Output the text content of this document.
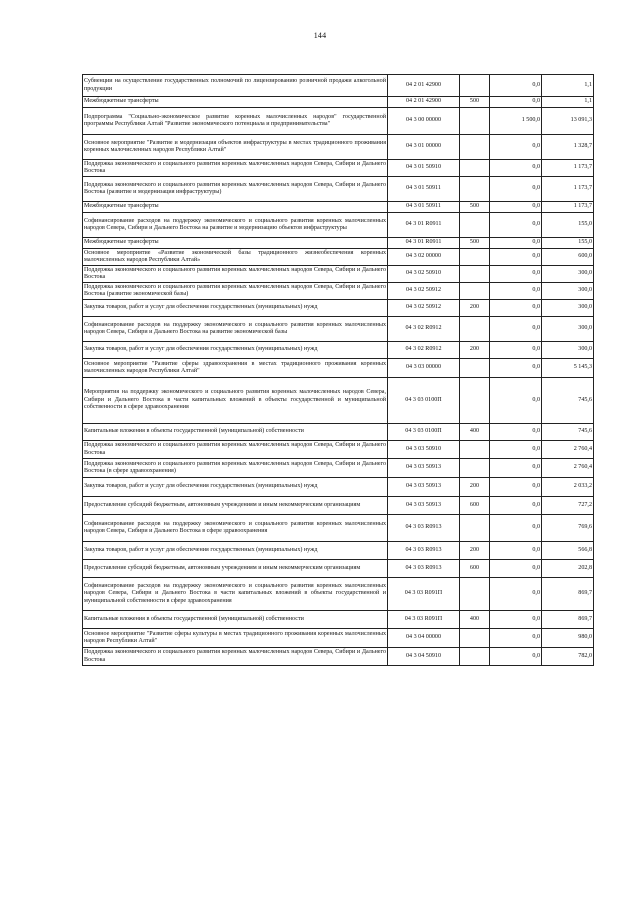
144
Субвенции на осуществление государственных полномочий по лицензированию розничной продажи алкогольной продукции	04 2 01 42900		0,0	1,1
Межбюджетные трансферты	04 2 01 42900	500	0,0	1,1
Подпрограмма "Социально-экономическое развитие коренных малочисленных народов" государственной программы Республики Алтай "Развитие экономического потенциала и предпринимательства"	04 3 00 00000		1 500,0	13 091,3
Основное мероприятие "Развитие и модернизация объектов инфраструктуры в местах традиционного проживания коренных малочисленных народов Республики Алтай"	04 3 01 00000		0,0	1 328,7
Поддержка экономического и социального развития коренных малочисленных народов Севера, Сибири и Дальнего Востока	04 3 01 50910		0,0	1 173,7
Поддержка экономического и социального развития коренных малочисленных народов Севера, Сибири и Дальнего Востока (развитие и модернизация инфраструктуры)	04 3 01 50911		0,0	1 173,7
Межбюджетные трансферты	04 3 01 50911	500	0,0	1 173,7
Софинансирование расходов на поддержку экономического и социального развития коренных малочисленных народов Севера, Сибири и Дальнего Востока на развитие и модернизацию объектов инфраструктуры	04 3 01 R0911		0,0	155,0
Межбюджетные трансферты	04 3 01 R0911	500	0,0	155,0
Основное мероприятие «Развитие экономической базы традиционного жизнеобеспечения коренных малочисленных народов Республики Алтай»	04 3 02 00000		0,0	600,0
Поддержка экономического и социального развития коренных малочисленных народов Севера, Сибири и Дальнего Востока	04 3 02 50910		0,0	300,0
Поддержка экономического и социального развития коренных малочисленных народов Севера, Сибири и Дальнего Востока (развитие экономической базы)	04 3 02 50912		0,0	300,0
Закупка товаров, работ и услуг для обеспечения государственных (муниципальных) нужд	04 3 02 50912	200	0,0	300,0
Софинансирование расходов на поддержку экономического и социального развития коренных малочисленных народов Севера, Сибири и Дальнего Востока на развитие экономической базы	04 3 02 R0912		0,0	300,0
Закупка товаров, работ и услуг для обеспечения государственных (муниципальных) нужд	04 3 02 R0912	200	0,0	300,0
Основное мероприятие "Развитие сферы здравоохранения в местах традиционного проживания коренных малочисленных народов Республики Алтай"	04 3 03 00000		0,0	5 145,3
Мероприятия на поддержку экономического и социального развития коренных малочисленных народов Севера, Сибири и Дальнего Востока в части капитальных вложений в объекты государственной и муниципальной собственности в сфере здравоохранения	04 3 03 0100П		0,0	745,6
Капитальные вложения в объекты государственной (муниципальной) собственности	04 3 03 0100П	400	0,0	745,6
Поддержка экономического и социального развития коренных малочисленных народов Севера, Сибири и Дальнего Востока	04 3 03 50910		0,0	2 760,4
Поддержка экономического и социального развития коренных малочисленных народов Севера, Сибири и Дальнего Востока (в сфере здравоохранения)	04 3 03 50913		0,0	2 760,4
Закупка товаров, работ и услуг для обеспечения государственных (муниципальных) нужд	04 3 03 50913	200	0,0	2 033,2
Предоставление субсидий бюджетным, автономным учреждениям и иным некоммерческим организациям	04 3 03 50913	600	0,0	727,2
Софинансирование расходов на поддержку экономического и социального развития коренных малочисленных народов Севера, Сибири и Дальнего Востока в сфере здравоохранения	04 3 03 R0913		0,0	769,6
Закупка товаров, работ и услуг для обеспечения государственных (муниципальных) нужд	04 3 03 R0913	200	0,0	566,8
Предоставление субсидий бюджетным, автономным учреждениям и иным некоммерческим организациям	04 3 03 R0913	600	0,0	202,8
Софинансирование расходов на поддержку экономического и социального развития коренных малочисленных народов Севера, Сибири и Дальнего Востока в части капитальных вложений в объекты государственной и муниципальной собственности в сфере здравоохранения	04 3 03 R091П		0,0	869,7
Капитальные вложения в объекты государственной (муниципальной) собственности	04 3 03 R091П	400	0,0	869,7
Основное мероприятие "Развитие сферы культуры в местах традиционного проживания коренных малочисленных народов Республики Алтай"	04 3 04 00000		0,0	980,0
Поддержка экономического и социального развития коренных малочисленных народов Севера, Сибири и Дальнего Востока	04 3 04 50910		0,0	782,0
